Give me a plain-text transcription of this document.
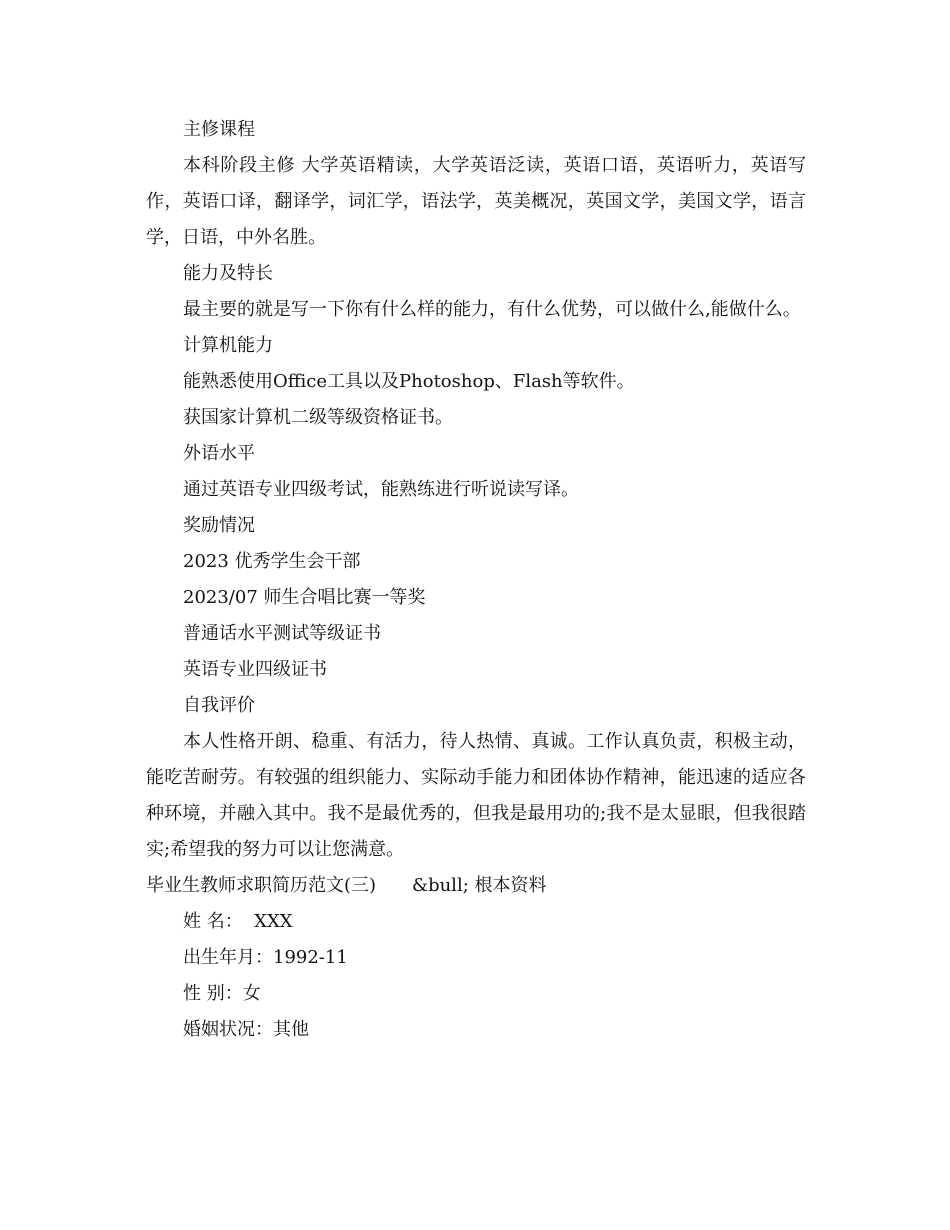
主修课程
本科阶段主修 大学英语精读，大学英语泛读，英语口语，英语听力，英语写作，英语口译，翻译学，词汇学，语法学，英美概况，英国文学，美国文学，语言学，日语，中外名胜。
能力及特长
最主要的就是写一下你有什么样的能力，有什么优势，可以做什么,能做什么。
计算机能力
能熟悉使用Office工具以及Photoshop、Flash等软件。
获国家计算机二级等级资格证书。
外语水平
通过英语专业四级考试，能熟练进行听说读写译。
奖励情况
2023 优秀学生会干部
2023/07 师生合唱比赛一等奖
普通话水平测试等级证书
英语专业四级证书
自我评价
本人性格开朗、稳重、有活力，待人热情、真诚。工作认真负责，积极主动，能吃苦耐劳。有较强的组织能力、实际动手能力和团体协作精神，能迅速的适应各种环境，并融入其中。我不是最优秀的，但我是最用功的;我不是太显眼，但我很踏实;希望我的努力可以让您满意。
毕业生教师求职简历范文(三) &bull; 根本资料
姓 名：  XXX
出生年月：1992-11
性 别：女
婚姻状况：其他
